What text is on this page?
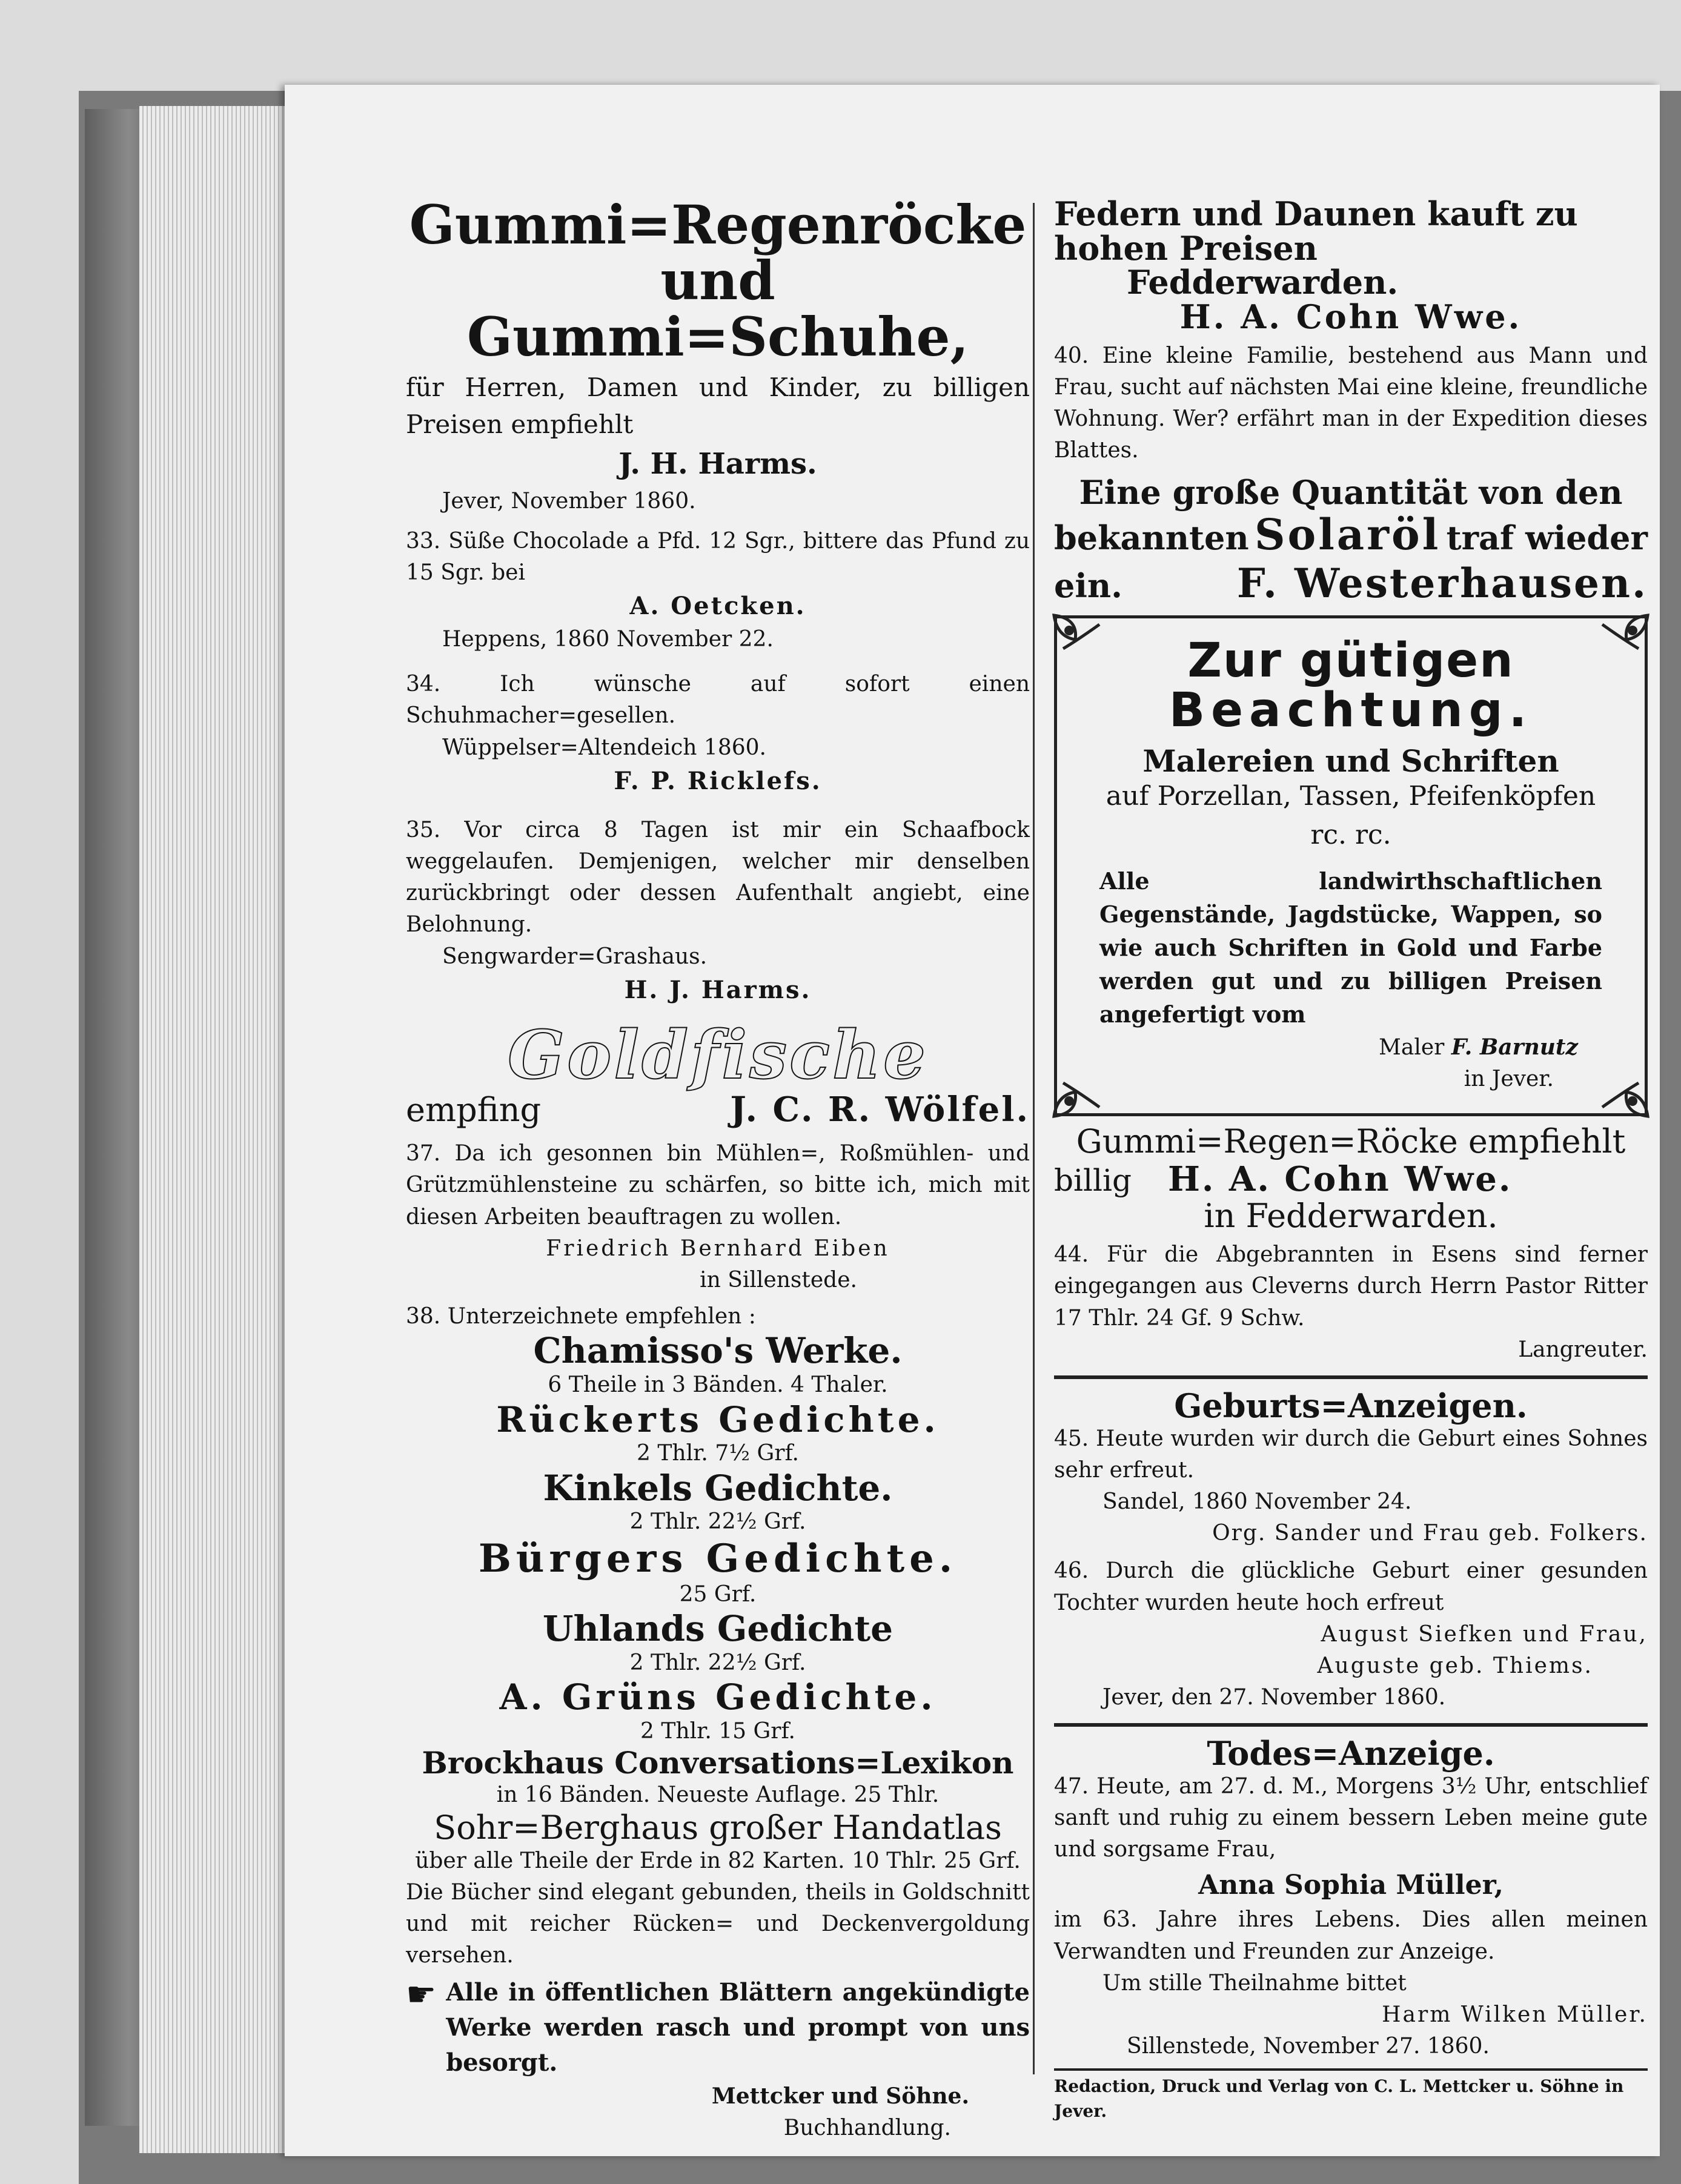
Gummi=Regenröcke und

Gummi=Schuhe,

für Herren, Damen und Kinder, zu billigen Preisen empfiehlt

J. H. Harms.

Jever, November 1860.

33. Süße Chocolade a Pfd. 12 Sgr., bittere das Pfund zu 15 Sgr. bei

A. Oetcken.

Heppens, 1860 November 22.

34. Ich wünsche auf sofort einen Schuhmacher=gesellen.

Wüppelser=Altendeich 1860.

F. P. Ricklefs.

35. Vor circa 8 Tagen ist mir ein Schaafbock weggelaufen. Demjenigen, welcher mir denselben zurückbringt oder dessen Aufenthalt angiebt, eine Belohnung.

Sengwarder=Grashaus.

H. J. Harms.

Goldfische

empfing	J. C. R. Wölfel.

37. Da ich gesonnen bin Mühlen=, Roßmühlen- und Grützmühlensteine zu schärfen, so bitte ich, mich mit diesen Arbeiten beauftragen zu wollen.

Friedrich Bernhard Eiben

in Sillenstede.

38. Unterzeichnete empfehlen :

Chamisso's Werke.

6 Theile in 3 Bänden. 4 Thaler.

Rückerts Gedichte.

2 Thlr. 7½ Grf.

Kinkels Gedichte.

2 Thlr. 22½ Grf.

Bürgers Gedichte.

25 Grf.

Uhlands Gedichte

2 Thlr. 22½ Grf.

A. Grüns Gedichte.

2 Thlr. 15 Grf.

Brockhaus Conversations=Lexikon

in 16 Bänden. Neueste Auflage. 25 Thlr.

Sohr=Berghaus großer Handatlas

über alle Theile der Erde in 82 Karten. 10 Thlr. 25 Grf.

Die Bücher sind elegant gebunden, theils in Goldschnitt und mit reicher Rücken= und Deckenvergoldung versehen.

☛ Alle in öffentlichen Blättern angekündigte Werke werden rasch und prompt von uns besorgt.

Mettcker und Söhne.

Buchhandlung.

Federn und Daunen kauft zu hohen Preisen

Fedderwarden.

H. A. Cohn Wwe.

40. Eine kleine Familie, bestehend aus Mann und Frau, sucht auf nächsten Mai eine kleine, freundliche Wohnung. Wer? erfährt man in der Expedition dieses Blattes.

Eine große Quantität von den

bekannten Solaröl traf wieder
ein.	F. Westerhausen.

Zur gütigen

Beachtung.

Malereien und Schriften

auf Porzellan, Tassen, Pfeifenköpfen rc. rc.

Alle landwirthschaftlichen Gegenstände, Jagdstücke, Wappen, so wie auch Schriften in Gold und Farbe werden gut und zu billigen Preisen angefertigt vom

Maler F. Barnutz

in Jever.

Gummi=Regen=Röcke empfiehlt

billig H. A. Cohn Wwe.

in Fedderwarden.

44. Für die Abgebrannten in Esens sind ferner eingegangen aus Cleverns durch Herrn Pastor Ritter 17 Thlr. 24 Gf. 9 Schw.

Langreuter.

Geburts=Anzeigen.

45. Heute wurden wir durch die Geburt eines Sohnes sehr erfreut.

Sandel, 1860 November 24.

Org. Sander und Frau geb. Folkers.

46. Durch die glückliche Geburt einer gesunden Tochter wurden heute hoch erfreut

August Siefken und Frau,

Auguste geb. Thiems.

Jever, den 27. November 1860.

Todes=Anzeige.

47. Heute, am 27. d. M., Morgens 3½ Uhr, entschlief sanft und ruhig zu einem bessern Leben meine gute und sorgsame Frau,

Anna Sophia Müller,

im 63. Jahre ihres Lebens. Dies allen meinen Verwandten und Freunden zur Anzeige.

Um stille Theilnahme bittet

Harm Wilken Müller.

Sillenstede, November 27. 1860.

Redaction, Druck und Verlag von C. L. Mettcker u. Söhne in Jever.
